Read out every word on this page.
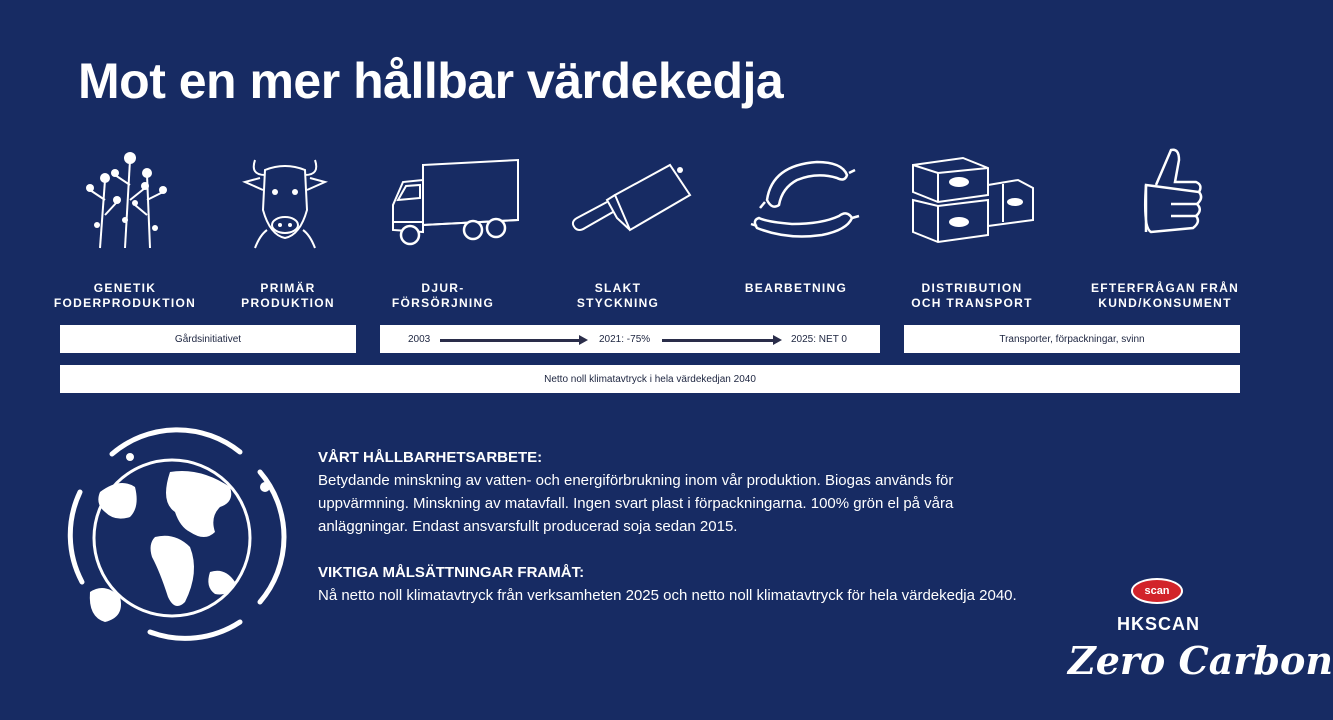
Mot en mer hållbar värdekedja
GENETIK
FODERPRODUKTION
PRIMÄR
PRODUKTION
DJUR-
FÖRSÖRJNING
SLAKT
STYCKNING
BEARBETNING	DISTRIBUTION
OCH TRANSPORT
EFTERFRÅGAN FRÅN
KUND/KONSUMENT
Gårdsinitiativet	2003	2021: -75%	2025: NET 0	Transporter, förpackningar, svinn
Netto noll klimatavtryck i hela värdekedjan 2040
VÅRT HÅLLBARHETSARBETE:
Betydande minskning av vatten- och energiförbrukning inom vår produktion. Biogas används för uppvärmning. Minskning av matavfall. Ingen svart plast i förpackningarna. 100% grön el på våra anläggningar. Endast ansvarsfullt producerad soja sedan 2015.
VIKTIGA MÅLSÄTTNINGAR FRAMÅT:
Nå netto noll klimatavtryck från verksamheten 2025 och netto noll klimatavtryck för hela värdekedja 2040.	scan
HKSCAN
Zero Carbon
